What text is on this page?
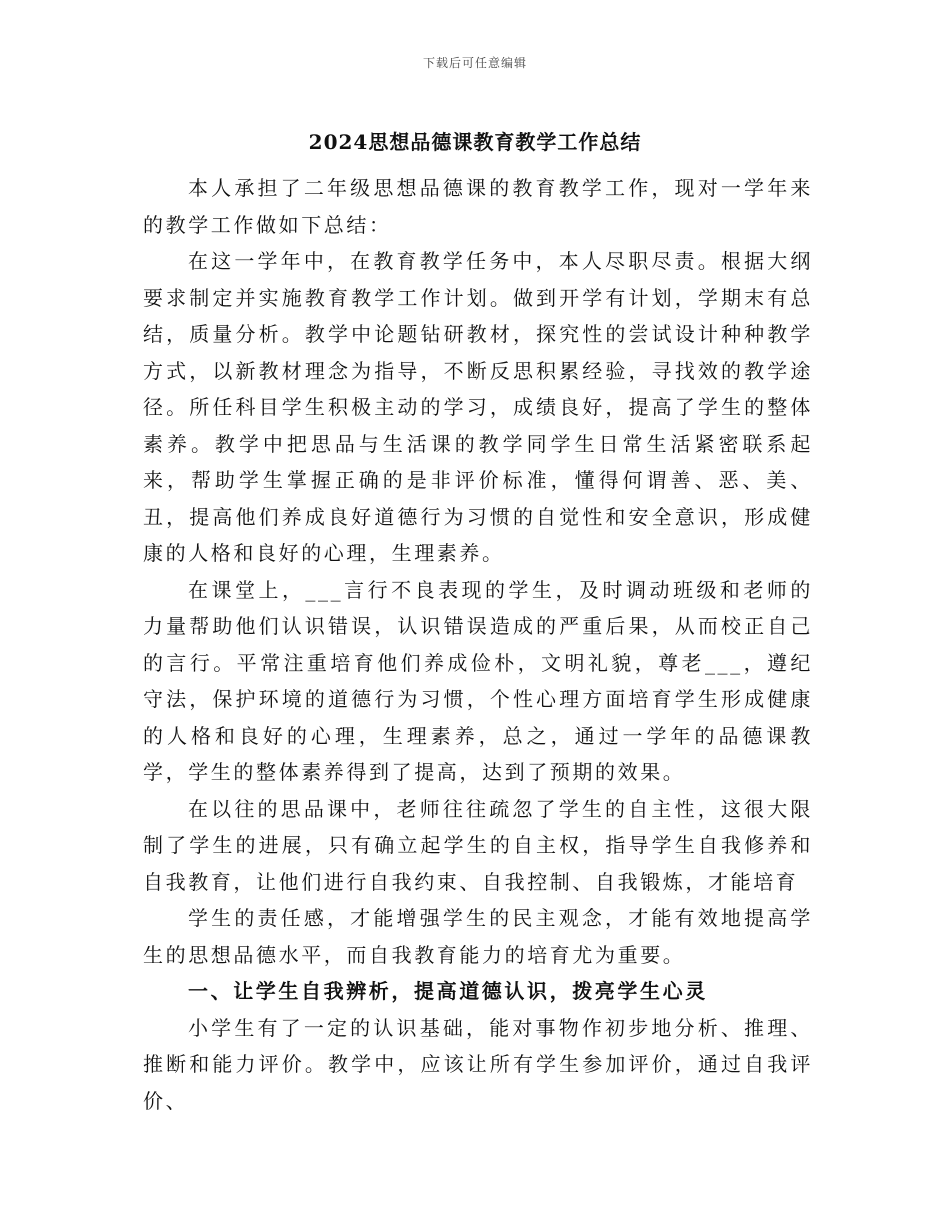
下载后可任意编辑
2024思想品德课教育教学工作总结

本人承担了二年级思想品德课的教育教学工作，现对一学年来的教学工作做如下总结：

在这一学年中，在教育教学任务中，本人尽职尽责。根据大纲要求制定并实施教育教学工作计划。做到开学有计划，学期末有总结，质量分析。教学中论题钻研教材，探究性的尝试设计种种教学方式，以新教材理念为指导，不断反思积累经验，寻找效的教学途径。所任科目学生积极主动的学习，成绩良好，提高了学生的整体素养。教学中把思品与生活课的教学同学生日常生活紧密联系起来，帮助学生掌握正确的是非评价标准，懂得何谓善、恶、美、丑，提高他们养成良好道德行为习惯的自觉性和安全意识，形成健康的人格和良好的心理，生理素养。

在课堂上，___言行不良表现的学生，及时调动班级和老师的力量帮助他们认识错误，认识错误造成的严重后果，从而校正自己的言行。平常注重培育他们养成俭朴，文明礼貌，尊老___，遵纪守法，保护环境的道德行为习惯，个性心理方面培育学生形成健康的人格和良好的心理，生理素养，总之，通过一学年的品德课教学，学生的整体素养得到了提高，达到了预期的效果。

在以往的思品课中，老师往往疏忽了学生的自主性，这很大限制了学生的进展，只有确立起学生的自主权，指导学生自我修养和自我教育，让他们进行自我约束、自我控制、自我锻炼，才能培育

学生的责任感，才能增强学生的民主观念，才能有效地提高学生的思想品德水平，而自我教育能力的培育尤为重要。

一、让学生自我辨析，提高道德认识，拨亮学生心灵

小学生有了一定的认识基础，能对事物作初步地分析、推理、推断和能力评价。教学中，应该让所有学生参加评价，通过自我评价、
